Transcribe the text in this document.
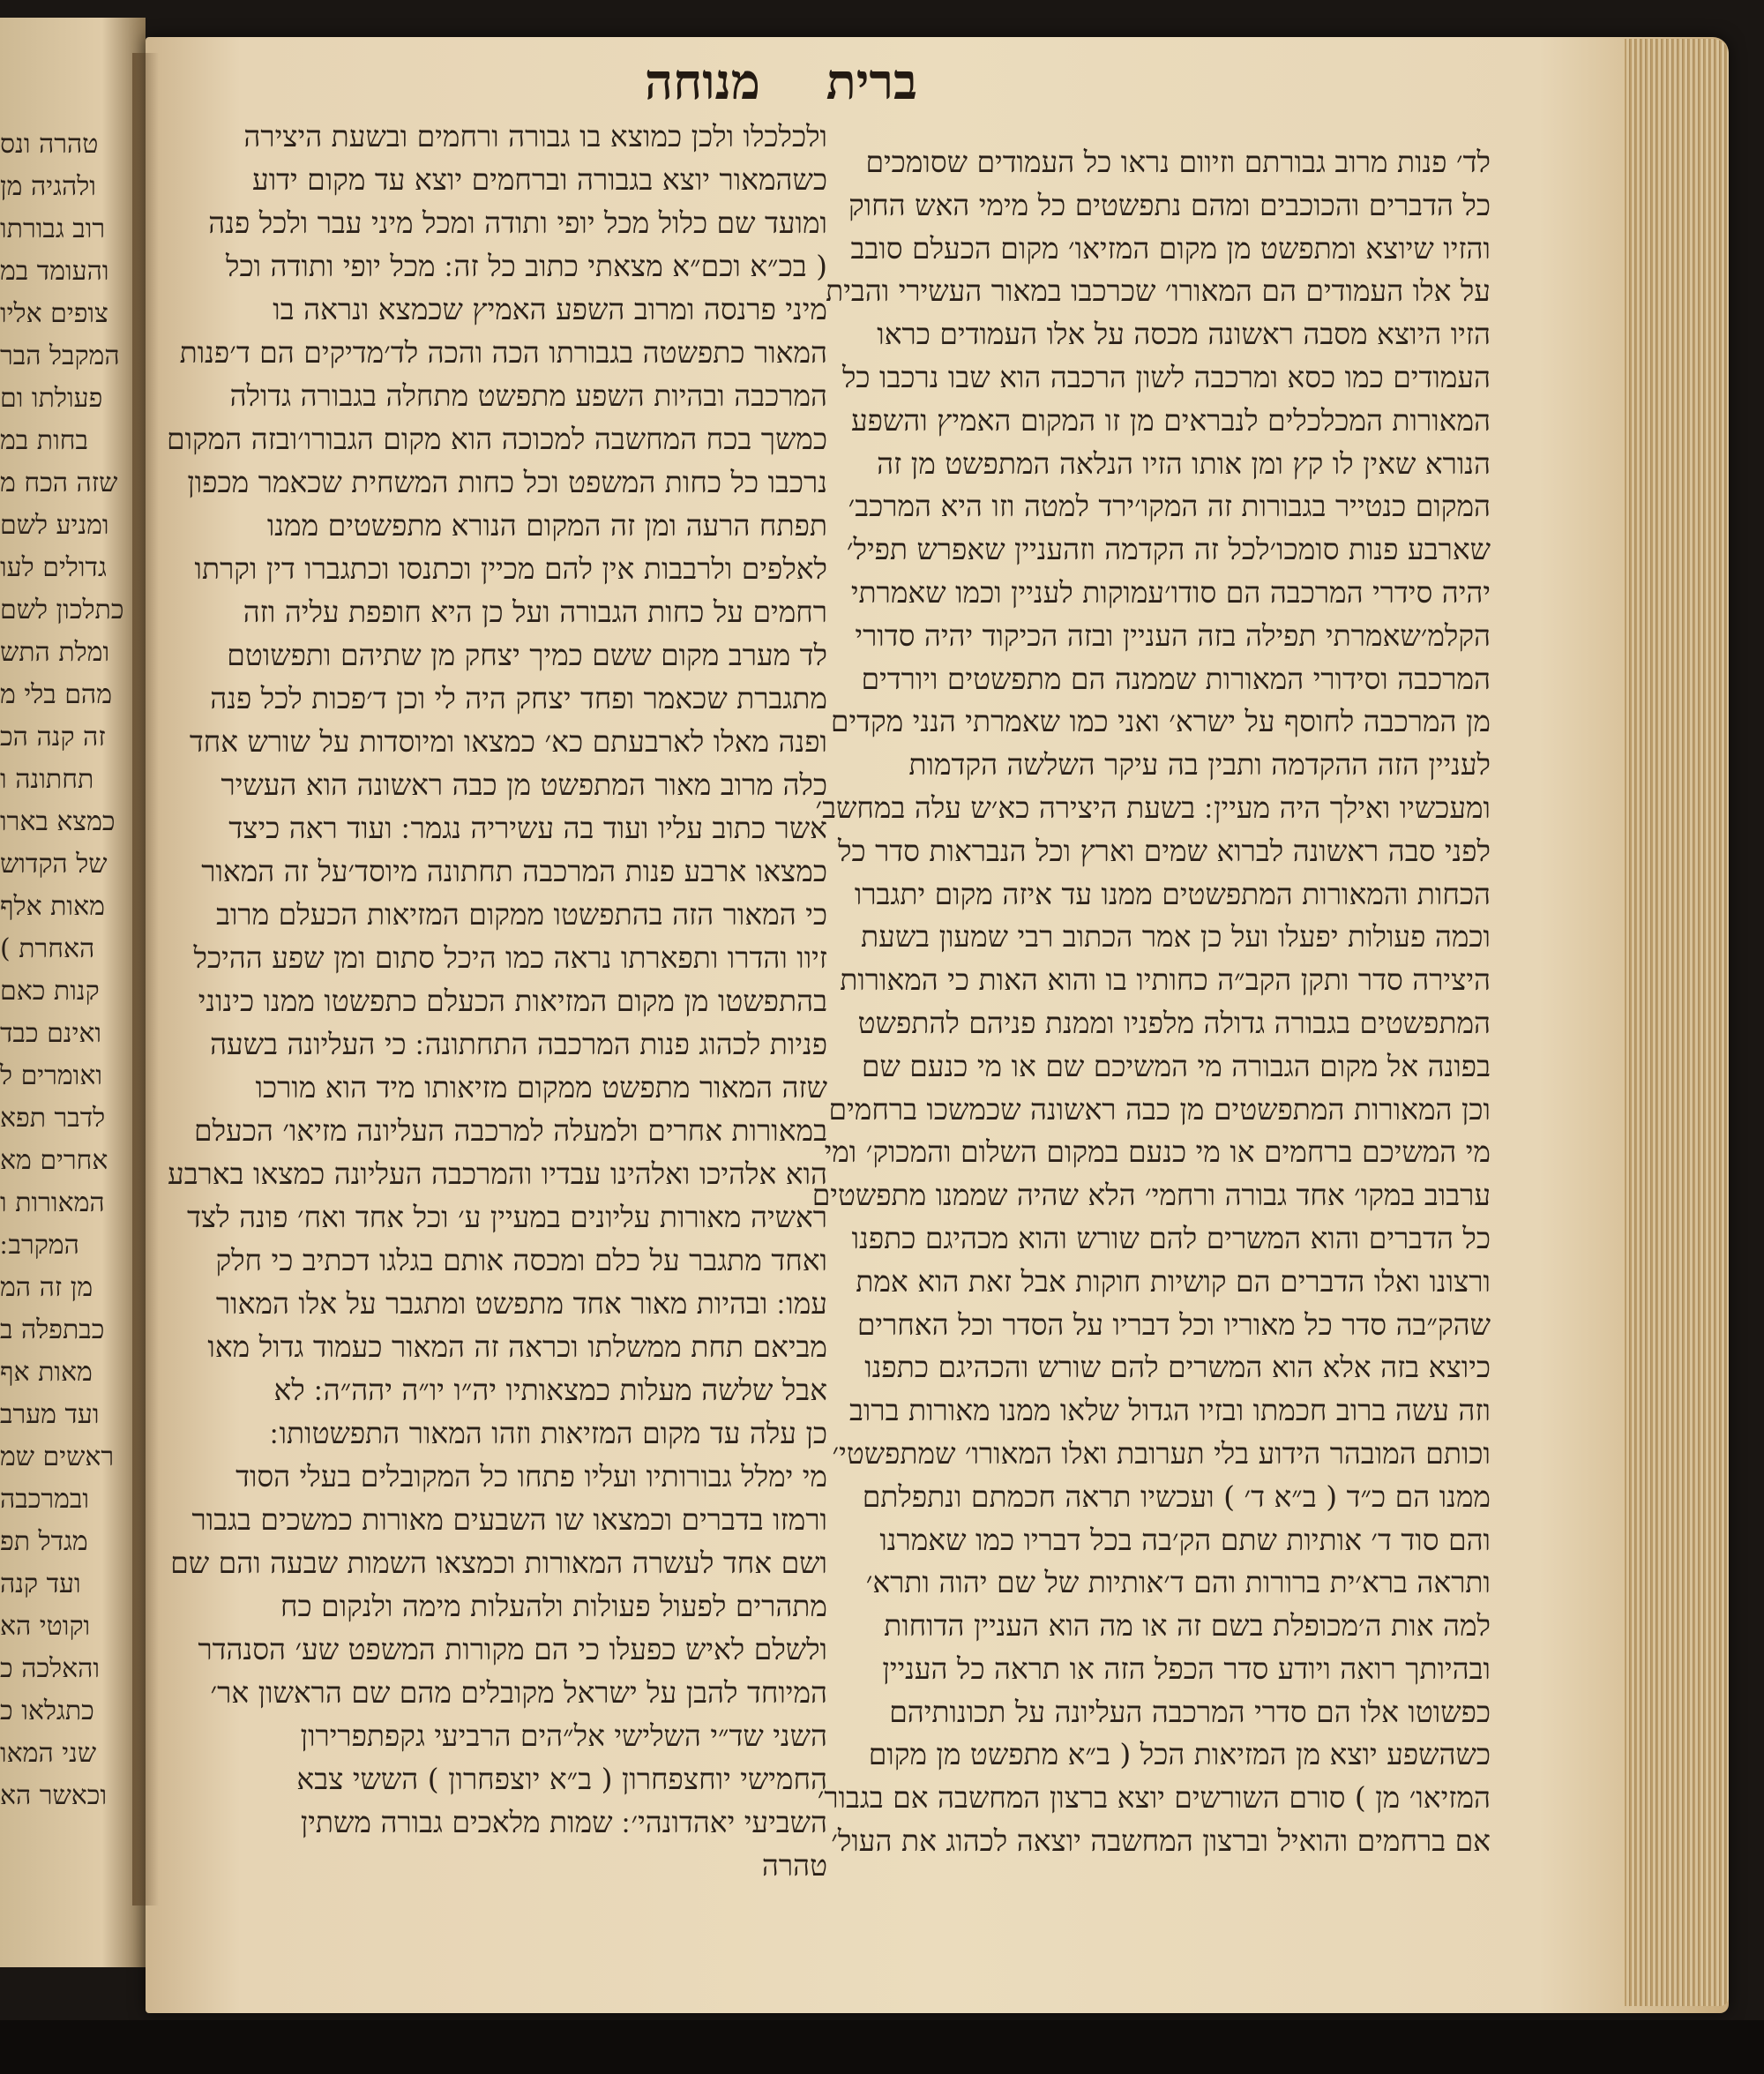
טהרה ונס
ולהגיה מן
רוב גבורתו
והעומד במ
צופים אליו
המקבל הבר
פעולתו ום
בחות במ
שזה הכח מ
ומניע לשם
גדולים לעו
כתלכון לשם
ומלת התש
מהם בלי מ
זה קנה הכ
תחתונה ו
כמצא בארו
של הקדוש
מאות אלף
האחרת )
קנות כאם
ואינם כבד
ואומרים ל
לדבר תפא
אחרים מא
המאורות ו
המקרב ׃
מן זה המ
כבתפלה ב
מאות אף
ועד מערב
ראשים שמ
ובמרכבה
מגדל תפ
ועד קנה
וקוטי הא
והאלכה כ
כתגלאו כ
שני המאו
וכאשר הא
ברית
מנוחה
לד׳ פנות מרוב גבורתם וזיוום נראו כל העמודים שסומכים
כל הדברים והכוכבים ומהם נתפשטים כל מימי האש החוק
והזיו שיוצא ומתפשט מן מקום המזיאו׳ מקום הכעלם סובב
על אלו העמודים הם המאורו׳ שכרכבו במאור העשירי והבית
הזיו היוצא מסבה ראשונה מכסה על אלו העמודים כראו
העמודים כמו כסא ומרכבה לשון הרכבה הוא שבו נרכבו כל
המאורות המכלכלים לנבראים מן זו המקום האמיץ והשפע
הנורא שאין לו קץ ומן אותו הזיו הנלאה המתפשט מן זה
המקום כנטייר בגבורות זה המקו׳ירד למטה וזו היא המרכב׳
שארבע פנות סומכו׳לכל זה הקדמה וזהעניין שאפרש תפיל׳
יהיה סידרי המרכבה הם סודו׳עמוקות לעניין וכמו שאמרתי
הקלמ׳שאמרתי תפילה בזה העניין ובזה הכיקוד יהיה סדורי
המרכבה וסידורי המאורות שממנה הם מתפשטים ויורדים
מן המרכבה לחוסף על ישרא׳ ואני כמו שאמרתי הנני מקדים
לעניין הזה ההקדמה ותבין בה עיקר השלשה הקדמות
ומעכשיו ואילך היה מעיין ׃ בשעת היצירה כא׳ש עלה במחשב׳
לפני סבה ראשונה לברוא שמים וארץ וכל הנבראות סדר כל
הכחות והמאורות המתפשטים ממנו עד איזה מקום יתגברו
וכמה פעולות יפעלו ועל כן אמר הכתוב רבי שמעון בשעת
היצירה סדר ותקן הקב״ה כחותיו בו והוא האות כי המאורות
המתפשטים בגבורה גדולה מלפניו וממנת פניהם להתפשט
בפונה אל מקום הגבורה מי המשיכם שם או מי כנעם שם
וכן המאורות המתפשטים מן כבה ראשונה שכמשכו ברחמים
מי המשיכם ברחמים או מי כנעם במקום השלום והמכוק׳ ומי
ערבוב במקו׳ אחד גבורה ורחמי׳ הלא שהיה שממנו מתפשטים
כל הדברים והוא המשרים להם שורש והוא מכהיגם כתפנו
ורצונו ואלו הדברים הם קושיות חוקות אבל זאת הוא אמת
שהק״בה סדר כל מאוריו וכל דבריו על הסדר וכל האחרים
כיוצא בזה אלא הוא המשרים להם שורש והכהיגם כתפנו
וזה עשה ברוב חכמתו ובזיו הגדול שלאו ממנו מאורות ברוב
וכותם המובהר הידוע בלי תערובת ואלו המאורו׳ שמתפשטי׳
ממנו הם כ״ד ( ב״א ד׳ ) ועכשיו תראה חכמתם ונתפלתם
והם סוד ד׳ אותיות שתם הק׳בה בכל דבריו כמו שאמרנו
ותראה ברא׳ית ברורות והם ד׳אותיות של שם יהוה ותרא׳
למה אות ה׳מכופלת בשם זה או מה הוא העניין הדוחות
ובהיותך רואה ויודע סדר הכפל הזה או תראה כל העניין
כפשוטו אלו הם סדרי המרכבה העליונה על תכונותיהם
כשהשפע יוצא מן המזיאות הכל ( ב״א מתפשט מן מקום
המזיאו׳ מן ) סורם השורשים יוצא ברצון המחשבה אם בגבור׳
אם ברחמים והואיל וברצון המחשבה יוצאה לכהוג את העול׳
ולכלכלו ולכן כמוצא בו גבורה ורחמים ובשעת היצירה
כשהמאור יוצא בגבורה וברחמים יוצא עד מקום ידוע
ומועד שם כלול מכל יופי ותודה ומכל מיני עבר ולכל פנה
( בכ״א וכם״א מצאתי כתוב כל זה ׃ מכל יופי ותודה וכל
מיני פרנסה ומרוב השפע האמיץ שכמצא ונראה בו
המאור כתפשטה בגבורתו הכה והכה לד׳מדיקים הם ד׳פנות
המרכבה ובהיות השפע מתפשט מתחלה בגבורה גדולה
כמשך בכח המחשבה למכוכה הוא מקום הגבורו׳ובזה המקום
נרכבו כל כחות המשפט וכל כחות המשחית שכאמר מכפון
תפתח הרעה ומן זה המקום הנורא מתפשטים ממנו
לאלפים ולרבבות אין להם מכיין וכתנסו וכתגברו דין וקרתו
רחמים על כחות הגבורה ועל כן היא חופפת עליה וזה
לד מערב מקום ששם כמיך יצחק מן שתיהם ותפשוטם
מתגברת שכאמר ופחד יצחק היה לי וכן ד׳פכות לכל פנה
ופנה מאלו לארבעתם כא׳ כמצאו ומיוסדות על שורש אחד
כלה מרוב מאור המתפשט מן כבה ראשונה הוא העשיר
אשר כתוב עליו ועוד בה עשיריה נגמר ׃ ועוד ראה כיצד
כמצאו ארבע פנות המרכבה תחתונה מיוסד׳על זה המאור
כי המאור הזה בהתפשטו ממקום המזיאות הכעלם מרוב
זיוו והדרו ותפארתו נראה כמו היכל סתום ומן שפע ההיכל
בהתפשטו מן מקום המזיאות הכעלם כתפשטו ממנו כינוני
פניות לכהוג פנות המרכבה התחתונה ׃ כי העליונה בשעה
שזה המאור מתפשט ממקום מזיאותו מיד הוא מורכו
במאורות אחרים ולמעלה למרכבה העליונה מזיאו׳ הכעלם
הוא אלהיכו ואלהינו עבדיו והמרכבה העליונה כמצאו בארבע
ראשיה מאורות עליונים במעיין ע׳ וכל אחד ואח׳ פונה לצד
ואחד מתגבר על כלם ומכסה אותם בגלגו דכתיב כי חלק
עמו ׃ ובהיות מאור אחד מתפשט ומתגבר על אלו המאור
מביאם תחת ממשלתו וכראה זה המאור כעמוד גדול מאו
אבל שלשה מעלות כמצאותיו יה״ו יו״ה יהה״ה ׃ לא
כן עלה עד מקום המזיאות וזהו המאור התפשטותו ׃
מי ימלל גבורותיו ועליו פתחו כל המקובלים בעלי הסוד
ורמזו בדברים וכמצאו שו השבעים מאורות כמשכים בגבור
ושם אחד לעשרה המאורות וכמצאו השמות שבעה והם שם
מתהרים לפעול פעולות ולהעלות מימה ולנקום כח
ולשלם לאיש כפעלו כי הם מקורות המשפט שע׳ הסנהדר
המיוחד להבן על ישראל מקובלים מהם שם הראשון אר׳
השני שד״י השלישי אל״הים הרביעי גקפתפרירון
החמישי יוחצפחרון ( ב״א יוצפחרון ) הששי צבא
השביעי יאהדונהי׳ ׃ שמות מלאכים גבורה משתין
טהרה
